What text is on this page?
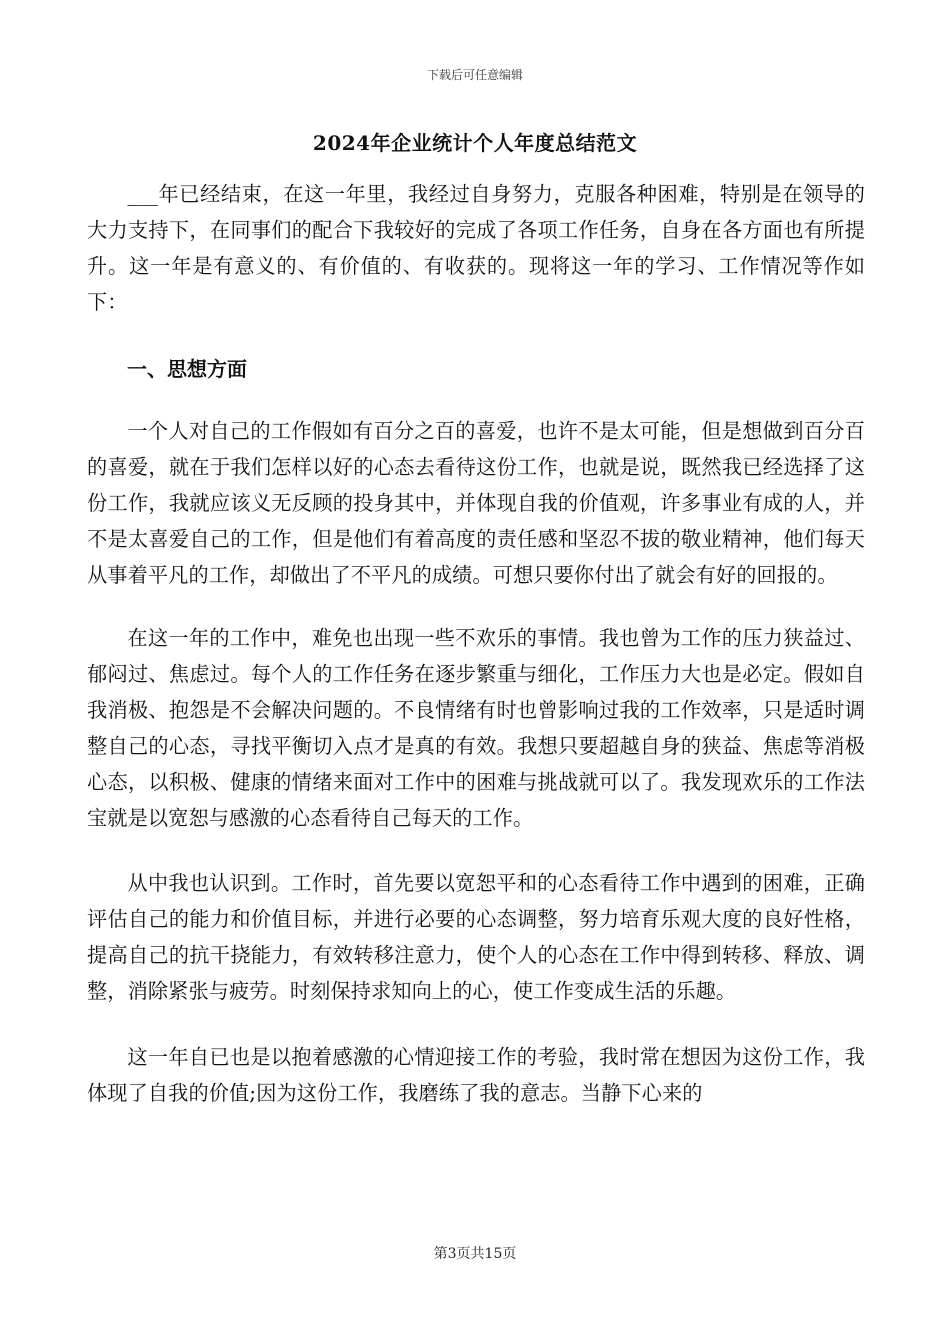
下载后可任意编辑
2024年企业统计个人年度总结范文

___年已经结束，在这一年里，我经过自身努力，克服各种困难，特别是在领导的大力支持下，在同事们的配合下我较好的完成了各项工作任务，自身在各方面也有所提升。这一年是有意义的、有价值的、有收获的。现将这一年的学习、工作情况等作如下：

一、思想方面

一个人对自己的工作假如有百分之百的喜爱，也许不是太可能，但是想做到百分百的喜爱，就在于我们怎样以好的心态去看待这份工作，也就是说，既然我已经选择了这份工作，我就应该义无反顾的投身其中，并体现自我的价值观，许多事业有成的人，并不是太喜爱自己的工作，但是他们有着高度的责任感和坚忍不拔的敬业精神，他们每天从事着平凡的工作，却做出了不平凡的成绩。可想只要你付出了就会有好的回报的。

在这一年的工作中，难免也出现一些不欢乐的事情。我也曾为工作的压力狭益过、郁闷过、焦虑过。每个人的工作任务在逐步繁重与细化，工作压力大也是必定。假如自我消极、抱怨是不会解决问题的。不良情绪有时也曾影响过我的工作效率，只是适时调整自己的心态，寻找平衡切入点才是真的有效。我想只要超越自身的狭益、焦虑等消极心态，以积极、健康的情绪来面对工作中的困难与挑战就可以了。我发现欢乐的工作法宝就是以宽恕与感激的心态看待自己每天的工作。

从中我也认识到。工作时，首先要以宽恕平和的心态看待工作中遇到的困难，正确评估自己的能力和价值目标，并进行必要的心态调整，努力培育乐观大度的良好性格，提高自己的抗干挠能力，有效转移注意力，使个人的心态在工作中得到转移、释放、调整，消除紧张与疲劳。时刻保持求知向上的心，使工作变成生活的乐趣。

这一年自已也是以抱着感激的心情迎接工作的考验，我时常在想因为这份工作，我体现了自我的价值;因为这份工作，我磨练了我的意志。当静下心来的

第3页共15页
